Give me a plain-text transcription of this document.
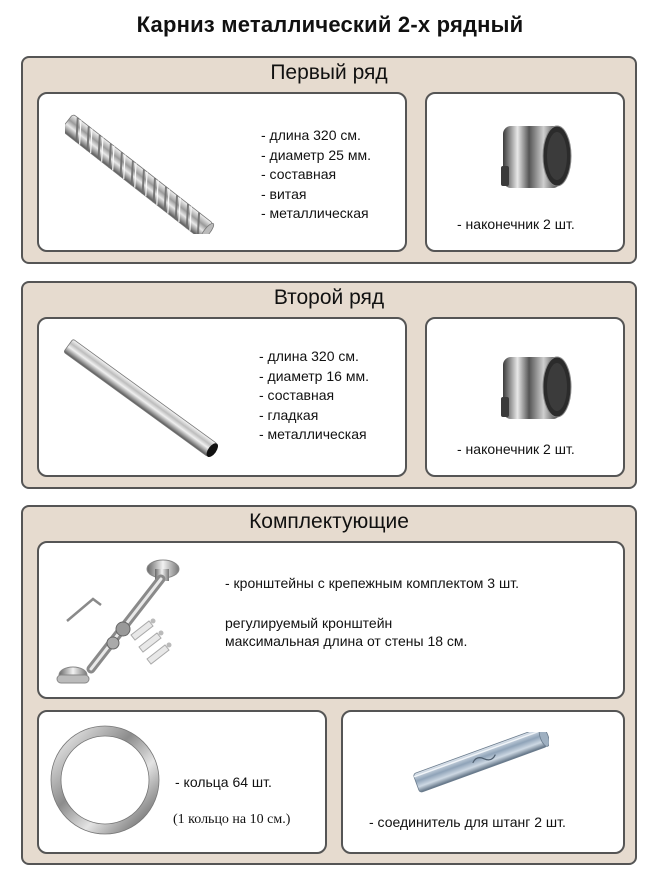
Карниз металлический 2-х рядный
Первый ряд
- длина 320 см.
- диаметр 25 мм.
- составная
- витая
- металлическая
- наконечник 2 шт.
Второй ряд
- длина 320 см.
- диаметр 16 мм.
- составная
- гладкая
- металлическая
- наконечник 2 шт.
Комплектующие
- кронштейны с крепежным комплектом 3 шт.
регулируемый кронштейн
максимальная длина от стены 18 см.
- кольца 64 шт.
(1 кольцо на 10 см.)	- соединитель для штанг 2 шт.
